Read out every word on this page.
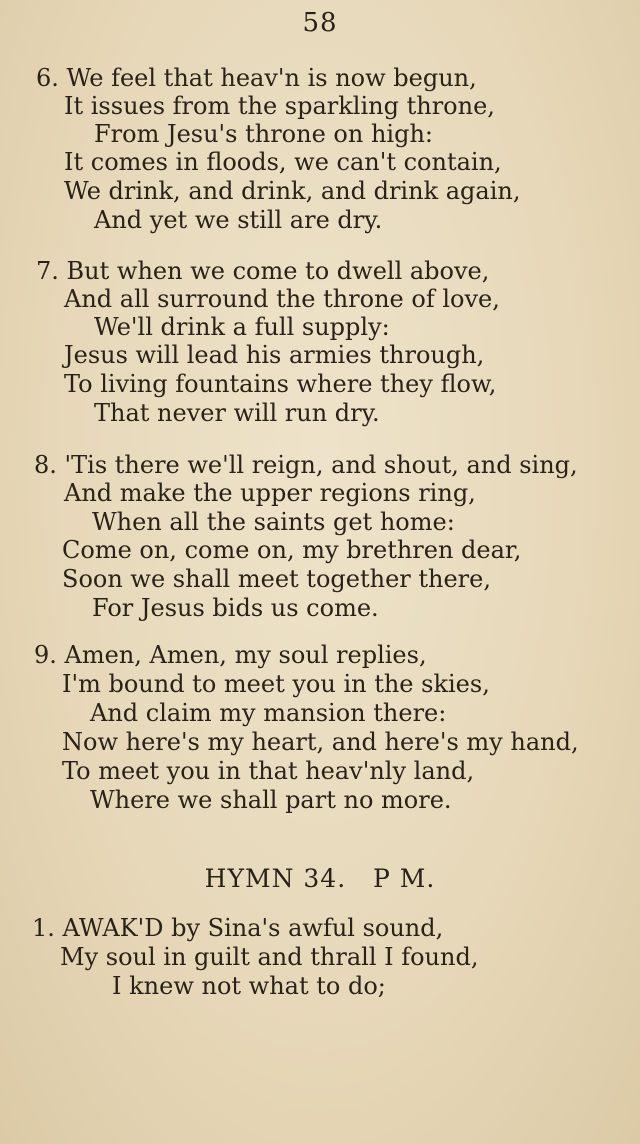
58
6. We feel that heav'n is now begun,
It issues from the sparkling throne,
From Jesu's throne on high:
It comes in floods, we can't contain,
We drink, and drink, and drink again,
And yet we still are dry.
7. But when we come to dwell above,
And all surround the throne of love,
We'll drink a full supply:
Jesus will lead his armies through,
To living fountains where they flow,
That never will run dry.
8. 'Tis there we'll reign, and shout, and sing,
And make the upper regions ring,
When all the saints get home:
Come on, come on, my brethren dear,
Soon we shall meet together there,
For Jesus bids us come.
9. Amen, Amen, my soul replies,
I'm bound to meet you in the skies,
And claim my mansion there:
Now here's my heart, and here's my hand,
To meet you in that heav'nly land,
Where we shall part no more.
HYMN 34.   P M.
1. AWAK'D by Sina's awful sound,
My soul in guilt and thrall I found,
I knew not what to do;
